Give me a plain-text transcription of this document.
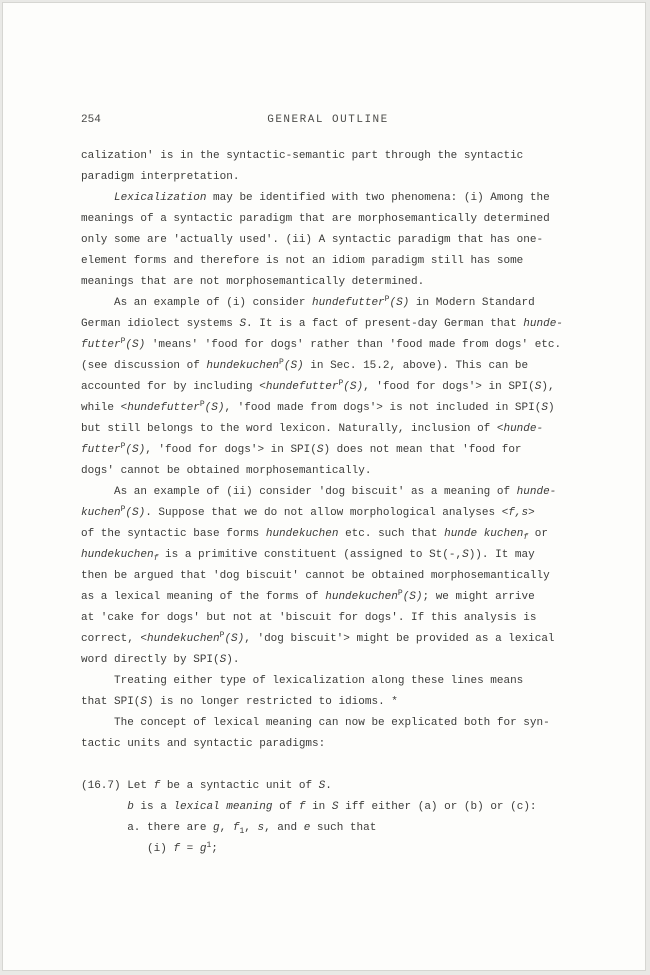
254	GENERAL OUTLINE
calization' is in the syntactic-semantic part through the syntactic
paradigm interpretation.
Lexicalization may be identified with two phenomena: (i) Among the
meanings of a syntactic paradigm that are morphosemantically determined
only some are 'actually used'. (ii) A syntactic paradigm that has one-
element forms and therefore is not an idiom paradigm still has some
meanings that are not morphosemantically determined.
As an example of (i) consider hundefutter$^P$(S) in Modern Standard
German idiolect systems S. It is a fact of present-day German that hunde-
futter$^P$(S) 'means' 'food for dogs' rather than 'food made from dogs' etc.
(see discussion of hundekuchen$^P$(S) in Sec. 15.2, above). This can be
accounted for by including <hundefutter$^P$(S), 'food for dogs'> in SPI(S),
while <hundefutter$^P$(S), 'food made from dogs'> is not included in SPI(S)
but still belongs to the word lexicon. Naturally, inclusion of <hunde-
futter$^P$(S), 'food for dogs'> in SPI(S) does not mean that 'food for
dogs' cannot be obtained morphosemantically.
As an example of (ii) consider 'dog biscuit' as a meaning of hunde-
kuchen$^P$(S). Suppose that we do not allow morphological analyses <f,s>
of the syntactic base forms hundekuchen etc. such that hunde kuchen$_f$ or
hundekuchen$_f$ is a primitive constituent (assigned to St(-,S)). It may
then be argued that 'dog biscuit' cannot be obtained morphosemantically
as a lexical meaning of the forms of hundekuchen$^P$(S); we might arrive
at 'cake for dogs' but not at 'biscuit for dogs'. If this analysis is
correct, <hundekuchen$^P$(S), 'dog biscuit'> might be provided as a lexical
word directly by SPI(S).
Treating either type of lexicalization along these lines means
that SPI(S) is no longer restricted to idioms. *
The concept of lexical meaning can now be explicated both for syn-
tactic units and syntactic paradigms:

(16.7) Let f be a syntactic unit of S.
b is a lexical meaning of f in S iff either (a) or (b) or (c):
a. there are g, $f_1$, s, and e such that
(i) $f = g^1$;
